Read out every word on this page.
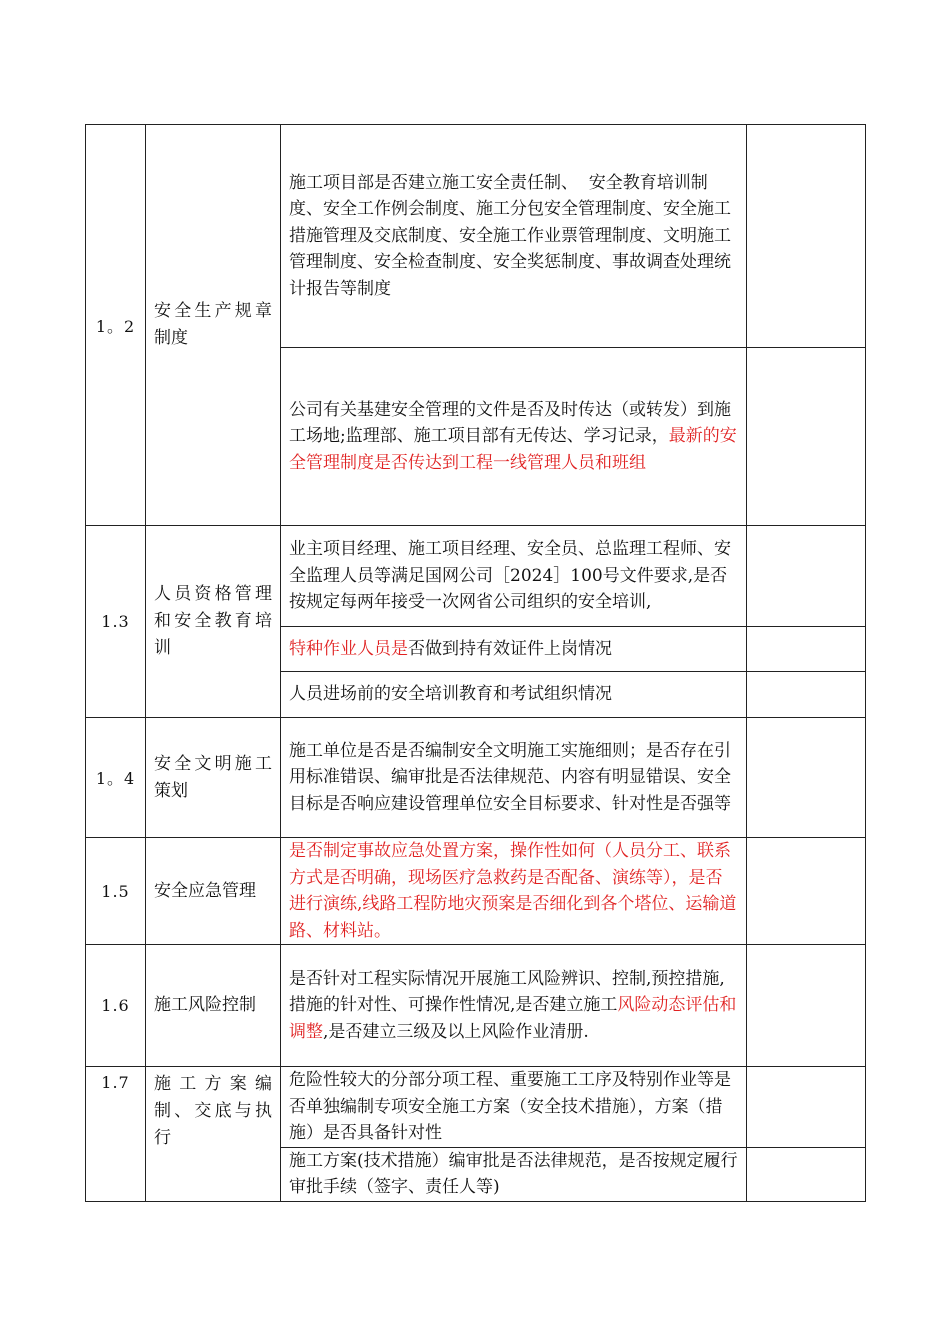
1。2	安全生产规章制度	施工项目部是否建立施工安全责任制、  安全教育培训制度、安全工作例会制度、施工分包安全管理制度、安全施工措施管理及交底制度、安全施工作业票管理制度、文明施工管理制度、安全检查制度、安全奖惩制度、事故调查处理统计报告等制度	
		公司有关基建安全管理的文件是否及时传达（或转发）到施工场地;监理部、施工项目部有无传达、学习记录，最新的安全管理制度是否传达到工程一线管理人员和班组	
1.3	人员资格管理和安全教育培训	业主项目经理、施工项目经理、安全员、总监理工程师、安全监理人员等满足国网公司［2024］100号文件要求,是否按规定每两年接受一次网省公司组织的安全培训,	
		特种作业人员是否做到持有效证件上岗情况	
		人员进场前的安全培训教育和考试组织情况	
1。4	安全文明施工策划	施工单位是否是否编制安全文明施工实施细则；是否存在引用标准错误、编审批是否法律规范、内容有明显错误、安全目标是否响应建设管理单位安全目标要求、针对性是否强等	
1.5	安全应急管理	是否制定事故应急处置方案，操作性如何（人员分工、联系方式是否明确，现场医疗急救药是否配备、演练等），是否进行演练,线路工程防地灾预案是否细化到各个塔位、运输道路、材料站。	
1.6	施工风险控制	是否针对工程实际情况开展施工风险辨识、控制,预控措施,措施的针对性、可操作性情况,是否建立施工风险动态评估和调整,是否建立三级及以上风险作业清册.	
1.7	施工方案编制、交底与执行	危险性较大的分部分项工程、重要施工工序及特别作业等是否单独编制专项安全施工方案（安全技术措施），方案（措施）是否具备针对性	
		施工方案(技术措施）编审批是否法律规范，是否按规定履行审批手续（签字、责任人等)	
